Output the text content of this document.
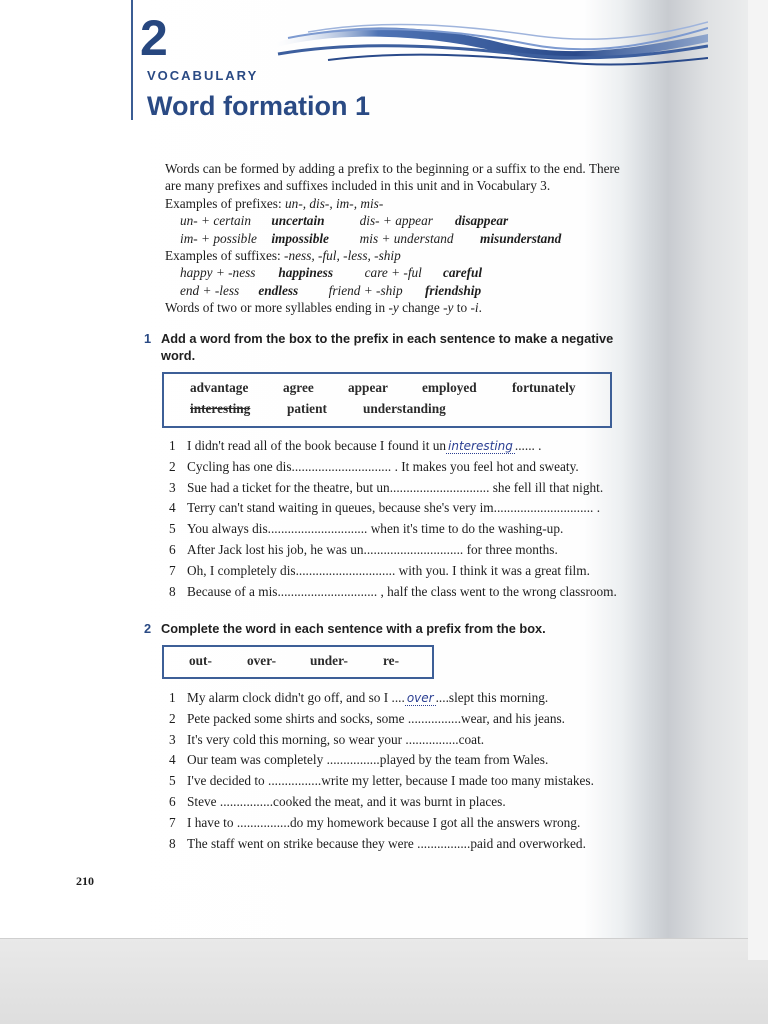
2
VOCABULARY
Word formation 1
Words can be formed by adding a prefix to the beginning or a suffix to the end. There
are many prefixes and suffixes included in this unit and in Vocabulary 3.
Examples of prefixes: un-, dis-, im-, mis-
un- + certain uncertain	dis- + appear disappear
im- + possible impossible mis + understand misunderstand
Examples of suffixes: -ness, -ful, -less, -ship
happy + -ness happiness care + -ful careful
end + -less endless friend + -ship friendship
Words of two or more syllables ending in -y change -y to -i.
1 Add a word from the box to the prefix in each sentence to make a negative
word.
advantage	agree	appear	employed	fortunately
interesting	patient	understanding
1 I didn't read all of the book because I found it un interesting ...... .
2 Cycling has one dis.............................. . It makes you feel hot and sweaty.
3 Sue had a ticket for the theatre, but un.............................. she fell ill that night.
4 Terry can't stand waiting in queues, because she's very im.............................. .
5 You always dis.............................. when it's time to do the washing-up.
6 After Jack lost his job, he was un.............................. for three months.
7 Oh, I completely dis.............................. with you. I think it was a great film.
8 Because of a mis.............................. , half the class went to the wrong classroom.
2 Complete the word in each sentence with a prefix from the box.
out-	over-	under-	re-
1 My alarm clock didn't go off, and so I .... over ....slept this morning.
2 Pete packed some shirts and socks, some ................wear, and his jeans.
3 It's very cold this morning, so wear your ................coat.
4 Our team was completely ................played by the team from Wales.
5 I've decided to ................write my letter, because I made too many mistakes.
6 Steve ................cooked the meat, and it was burnt in places.
7 I have to ................do my homework because I got all the answers wrong.
8 The staff went on strike because they were ................paid and overworked.
210
